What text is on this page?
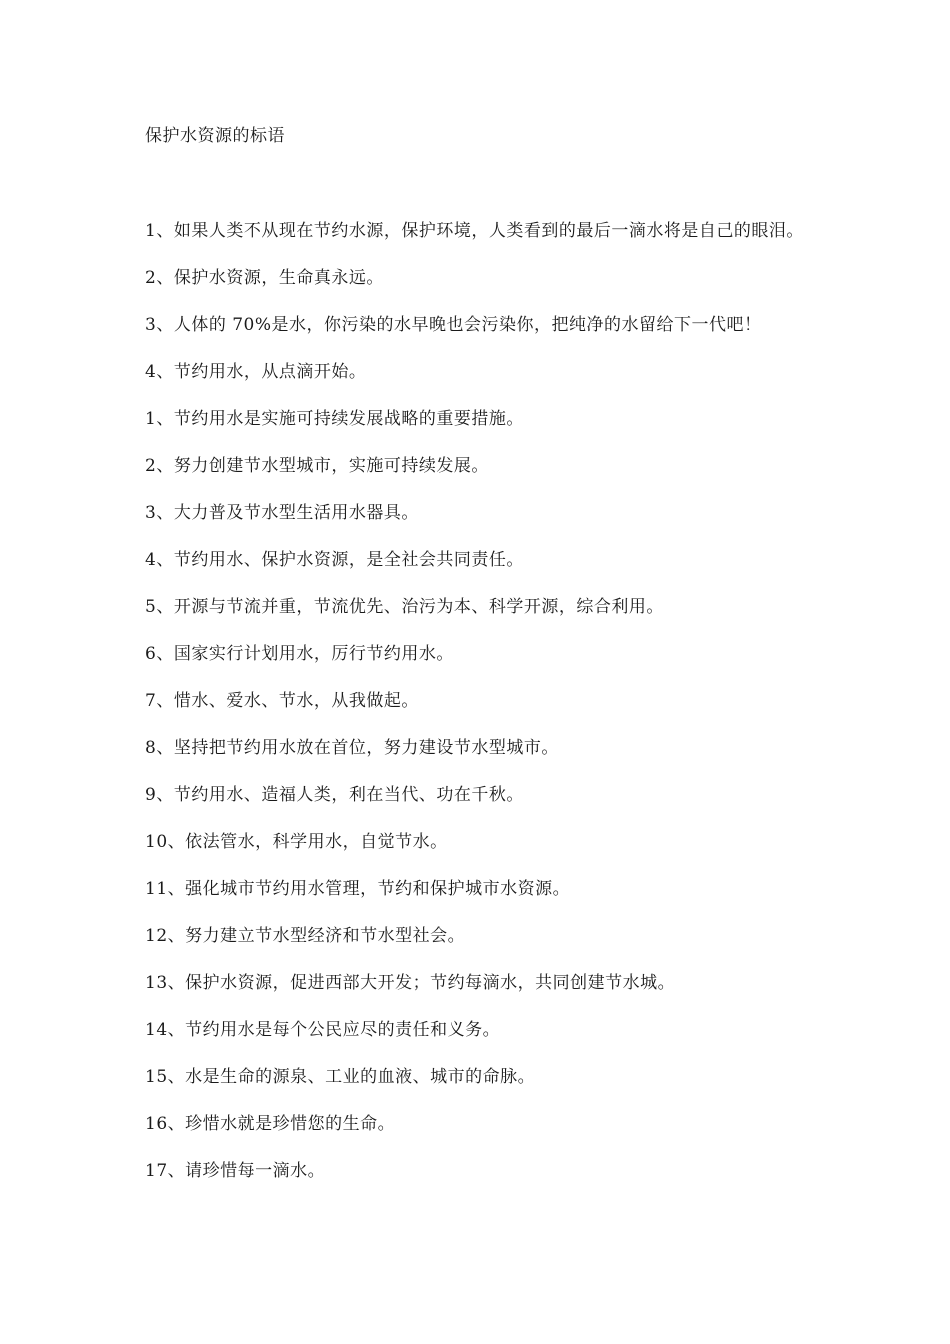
保护水资源的标语
1、如果人类不从现在节约水源，保护环境，人类看到的最后一滴水将是自己的眼泪。
2、保护水资源，生命真永远。
3、人体的 70%是水，你污染的水早晚也会污染你，把纯净的水留给下一代吧！
4、节约用水，从点滴开始。
1、节约用水是实施可持续发展战略的重要措施。
2、努力创建节水型城市，实施可持续发展。
3、大力普及节水型生活用水器具。
4、节约用水、保护水资源，是全社会共同责任。
5、开源与节流并重，节流优先、治污为本、科学开源，综合利用。
6、国家实行计划用水，厉行节约用水。
7、惜水、爱水、节水，从我做起。
8、坚持把节约用水放在首位，努力建设节水型城市。
9、节约用水、造福人类，利在当代、功在千秋。
10、依法管水，科学用水，自觉节水。
11、强化城市节约用水管理，节约和保护城市水资源。
12、努力建立节水型经济和节水型社会。
13、保护水资源，促进西部大开发；节约每滴水，共同创建节水城。
14、节约用水是每个公民应尽的责任和义务。
15、水是生命的源泉、工业的血液、城市的命脉。
16、珍惜水就是珍惜您的生命。
17、请珍惜每一滴水。
